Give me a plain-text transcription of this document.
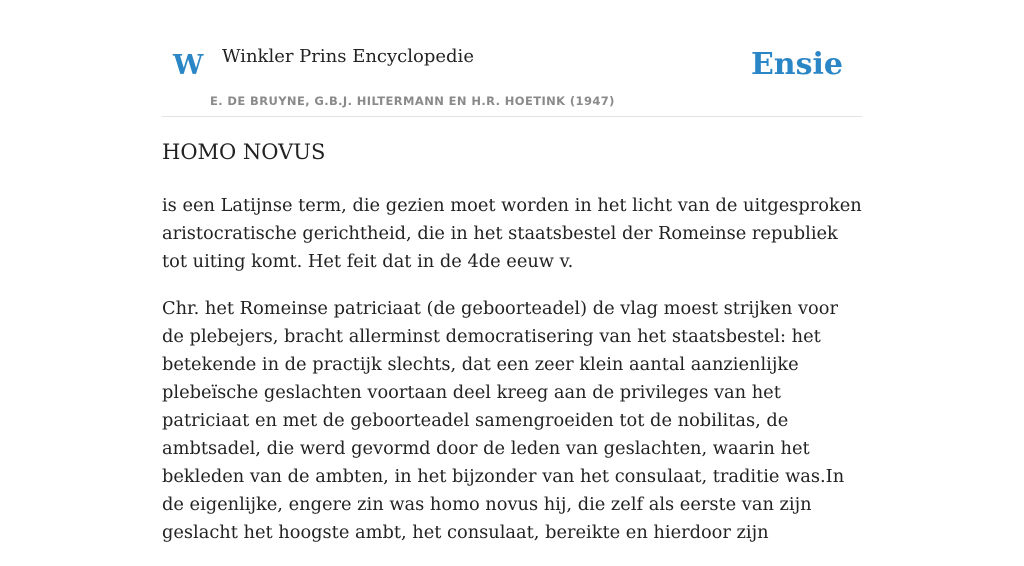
W Winkler Prins Encyclopedie
E. DE BRUYNE, G.B.J. HILTERMANN EN H.R. HOETINK (1947)
Ensie
HOMO NOVUS

is een Latijnse term, die gezien moet worden in het licht van de uitgesproken aristocratische gerichtheid, die in het staatsbestel der Romeinse republiek tot uiting komt. Het feit dat in de 4de eeuw v.

Chr. het Romeinse patriciaat (de geboorteadel) de vlag moest strijken voor de plebejers, bracht allerminst democratisering van het staatsbestel: het betekende in de practijk slechts, dat een zeer klein aantal aanzienlijke plebeïsche geslachten voortaan deel kreeg aan de privileges van het patriciaat en met de geboorteadel samengroeiden tot de nobilitas, de ambtsadel, die werd gevormd door de leden van geslachten, waarin het bekleden van de ambten, in het bijzonder van het consulaat, traditie was.In de eigenlijke, engere zin was homo novus hij, die zelf als eerste van zijn geslacht het hoogste ambt, het consulaat, bereikte en hierdoor zijn
